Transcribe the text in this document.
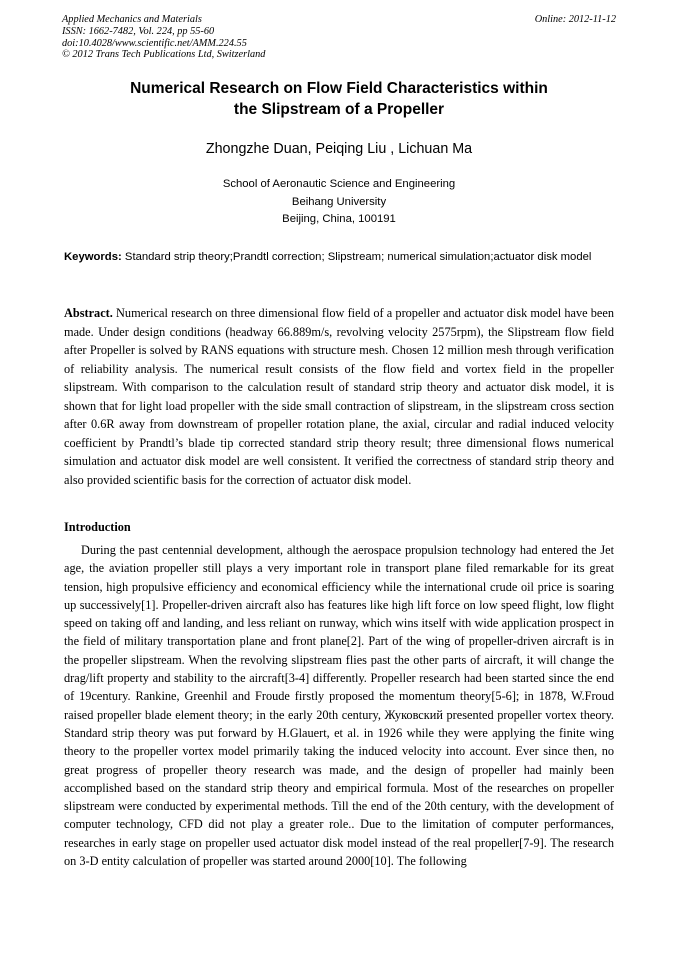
Applied Mechanics and Materials
ISSN: 1662-7482, Vol. 224, pp 55-60
doi:10.4028/www.scientific.net/AMM.224.55
© 2012 Trans Tech Publications Ltd, Switzerland
Online: 2012-11-12
Numerical Research on Flow Field Characteristics within
the Slipstream of a Propeller
Zhongzhe Duan, Peiqing Liu , Lichuan Ma
School of Aeronautic Science and Engineering
Beihang University
Beijing, China, 100191
Keywords: Standard strip theory;Prandtl correction; Slipstream; numerical simulation;actuator disk model
Abstract. Numerical research on three dimensional flow field of a propeller and actuator disk model have been made. Under design conditions (headway 66.889m/s, revolving velocity 2575rpm), the Slipstream flow field after Propeller is solved by RANS equations with structure mesh. Chosen 12 million mesh through verification of reliability analysis. The numerical result consists of the flow field and vortex field in the propeller slipstream. With comparison to the calculation result of standard strip theory and actuator disk model, it is shown that for light load propeller with the side small contraction of slipstream, in the slipstream cross section after 0.6R away from downstream of propeller rotation plane, the axial, circular and radial induced velocity coefficient by Prandtl’s blade tip corrected standard strip theory result; three dimensional flows numerical simulation and actuator disk model are well consistent. It verified the correctness of standard strip theory and also provided scientific basis for the correction of actuator disk model.
Introduction
During the past centennial development, although the aerospace propulsion technology had entered the Jet age, the aviation propeller still plays a very important role in transport plane filed remarkable for its great tension, high propulsive efficiency and economical efficiency while the international crude oil price is soaring up successively[1]. Propeller-driven aircraft also has features like high lift force on low speed flight, low flight speed on taking off and landing, and less reliant on runway, which wins itself with wide application prospect in the field of military transportation plane and front plane[2]. Part of the wing of propeller-driven aircraft is in the propeller slipstream. When the revolving slipstream flies past the other parts of aircraft, it will change the drag/lift property and stability to the aircraft[3-4] differently. Propeller research had been started since the end of 19century. Rankine, Greenhil and Froude firstly proposed the momentum theory[5-6]; in 1878, W.Froud raised propeller blade element theory; in the early 20th century, Жуковский presented propeller vortex theory. Standard strip theory was put forward by H.Glauert, et al. in 1926 while they were applying the finite wing theory to the propeller vortex model primarily taking the induced velocity into account. Ever since then, no great progress of propeller theory research was made, and the design of propeller had mainly been accomplished based on the standard strip theory and empirical formula. Most of the researches on propeller slipstream were conducted by experimental methods. Till the end of the 20th century, with the development of computer technology, CFD did not play a greater role.. Due to the limitation of computer performances, researches in early stage on propeller used actuator disk model instead of the real propeller[7-9]. The research on 3-D entity calculation of propeller was started around 2000[10]. The following
